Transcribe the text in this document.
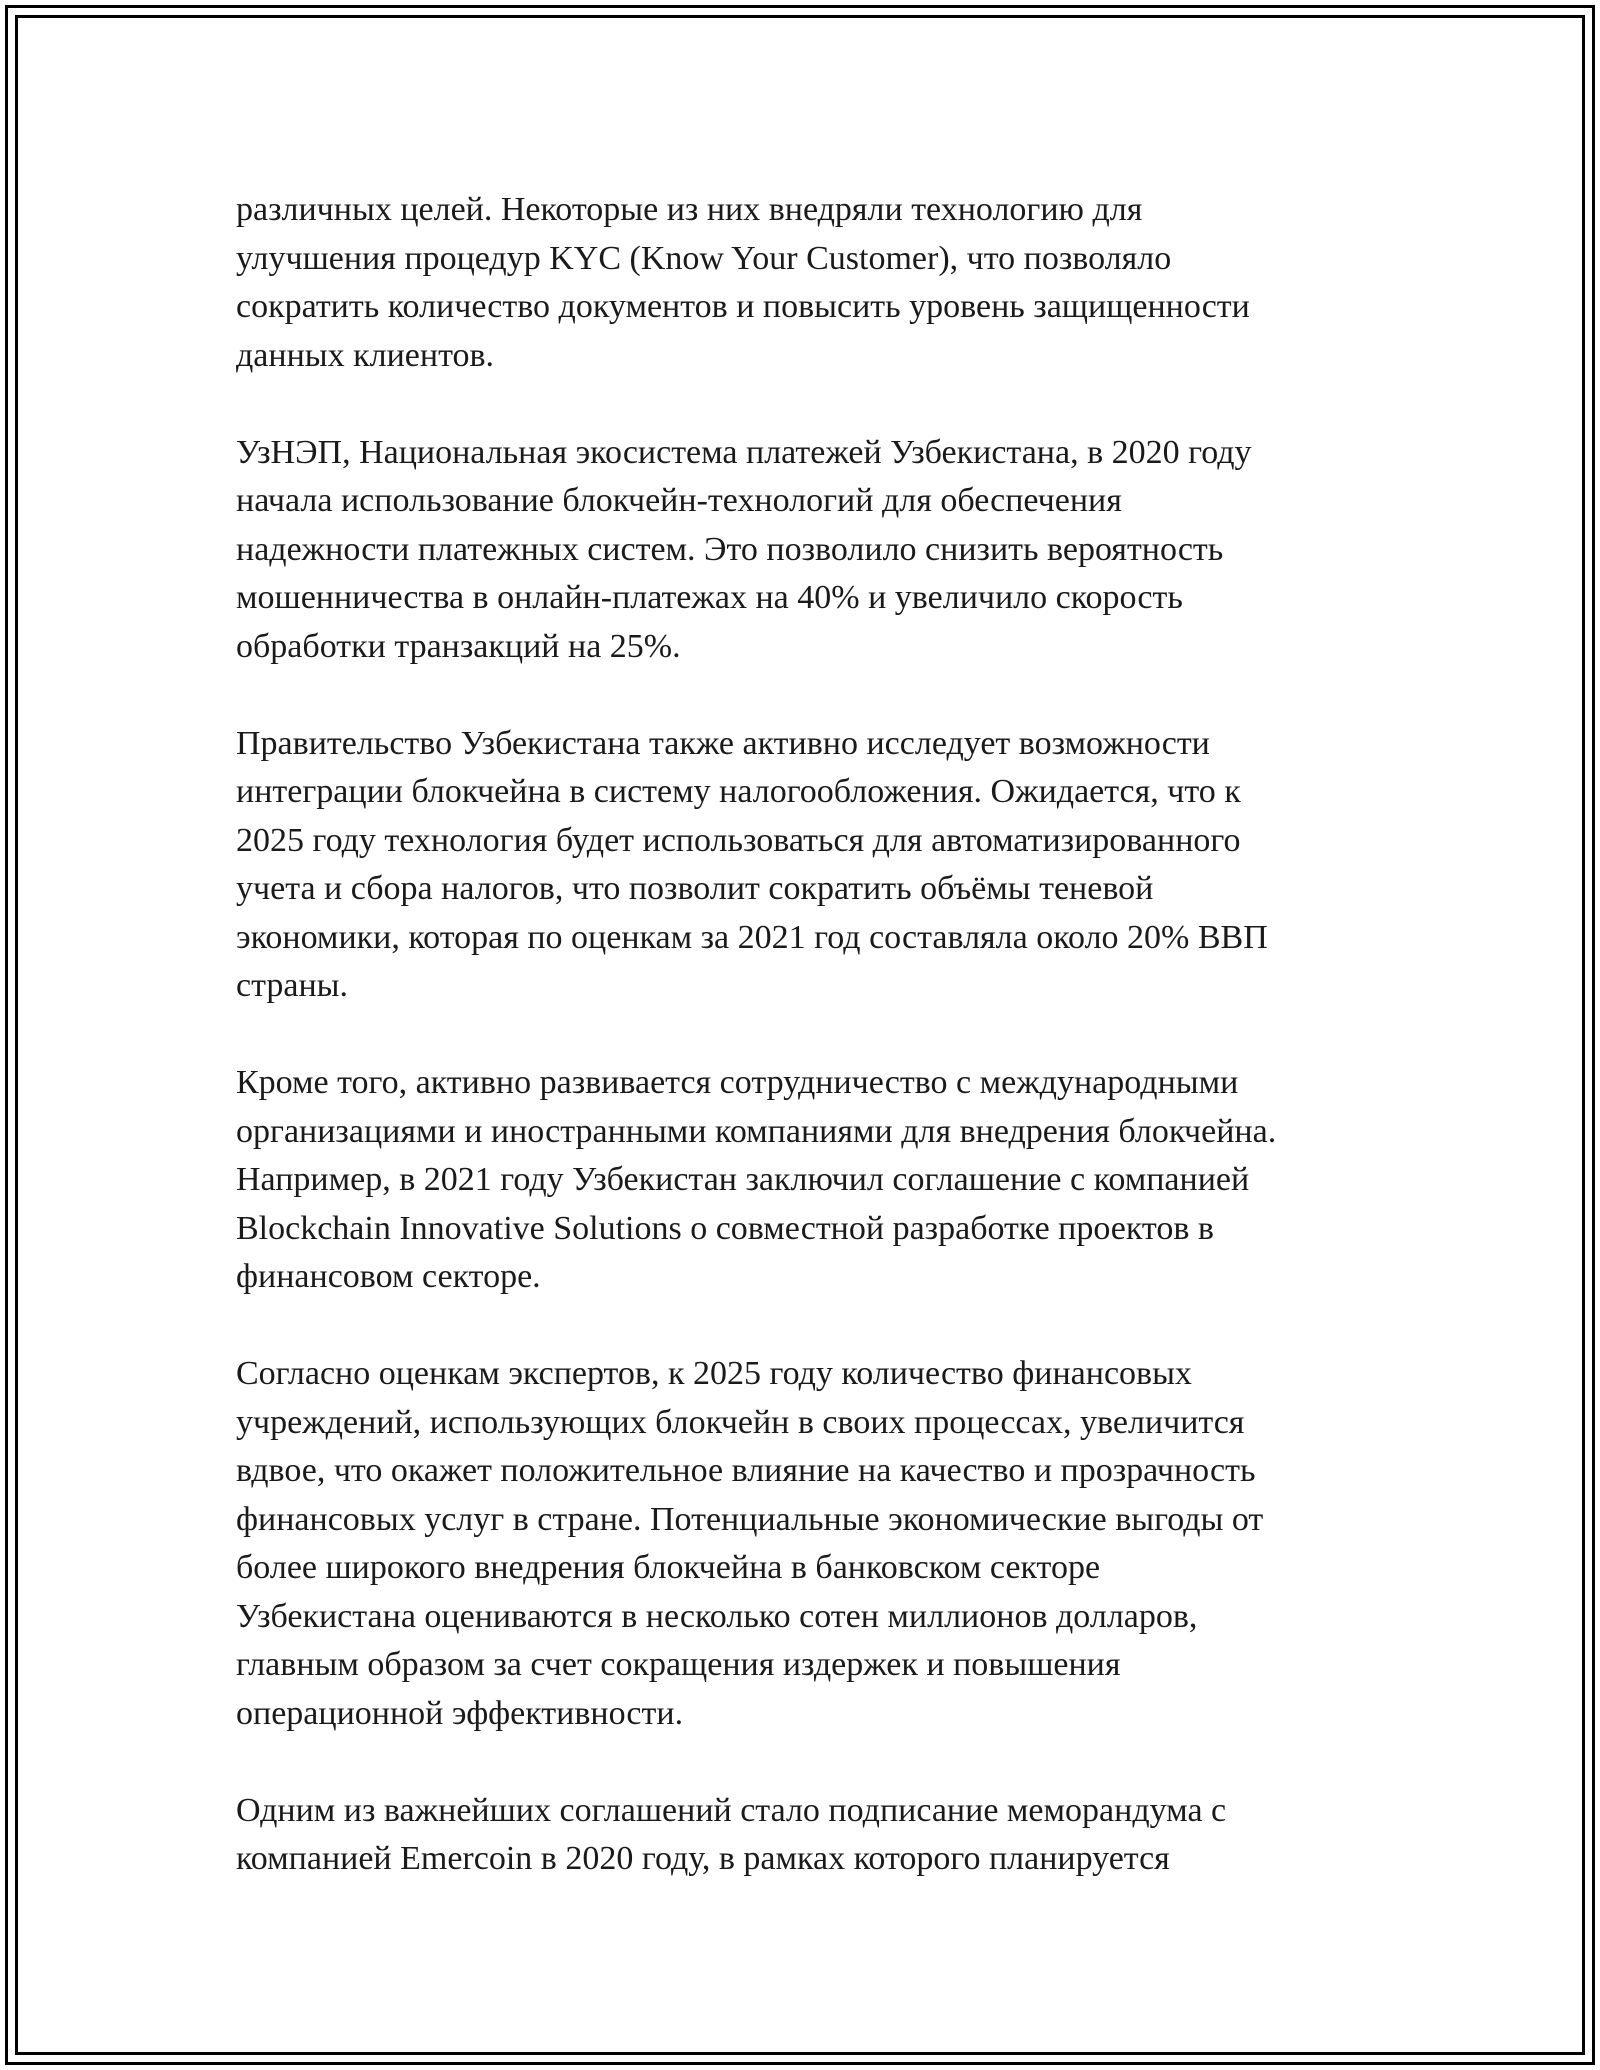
различных целей. Некоторые из них внедряли технологию для
улучшения процедур KYC (Know Your Customer), что позволяло
сократить количество документов и повысить уровень защищенности
данных клиентов.

УзНЭП, Национальная экосистема платежей Узбекистана, в 2020 году
начала использование блокчейн-технологий для обеспечения
надежности платежных систем. Это позволило снизить вероятность
мошенничества в онлайн-платежах на 40% и увеличило скорость
обработки транзакций на 25%.

Правительство Узбекистана также активно исследует возможности
интеграции блокчейна в систему налогообложения. Ожидается, что к
2025 году технология будет использоваться для автоматизированного
учета и сбора налогов, что позволит сократить объёмы теневой
экономики, которая по оценкам за 2021 год составляла около 20% ВВП
страны.

Кроме того, активно развивается сотрудничество с международными
организациями и иностранными компаниями для внедрения блокчейна.
Например, в 2021 году Узбекистан заключил соглашение с компанией
Blockchain Innovative Solutions о совместной разработке проектов в
финансовом секторе.

Согласно оценкам экспертов, к 2025 году количество финансовых
учреждений, использующих блокчейн в своих процессах, увеличится
вдвое, что окажет положительное влияние на качество и прозрачность
финансовых услуг в стране. Потенциальные экономические выгоды от
более широкого внедрения блокчейна в банковском секторе
Узбекистана оцениваются в несколько сотен миллионов долларов,
главным образом за счет сокращения издержек и повышения
операционной эффективности.

Одним из важнейших соглашений стало подписание меморандума с
компанией Emercoin в 2020 году, в рамках которого планируется
